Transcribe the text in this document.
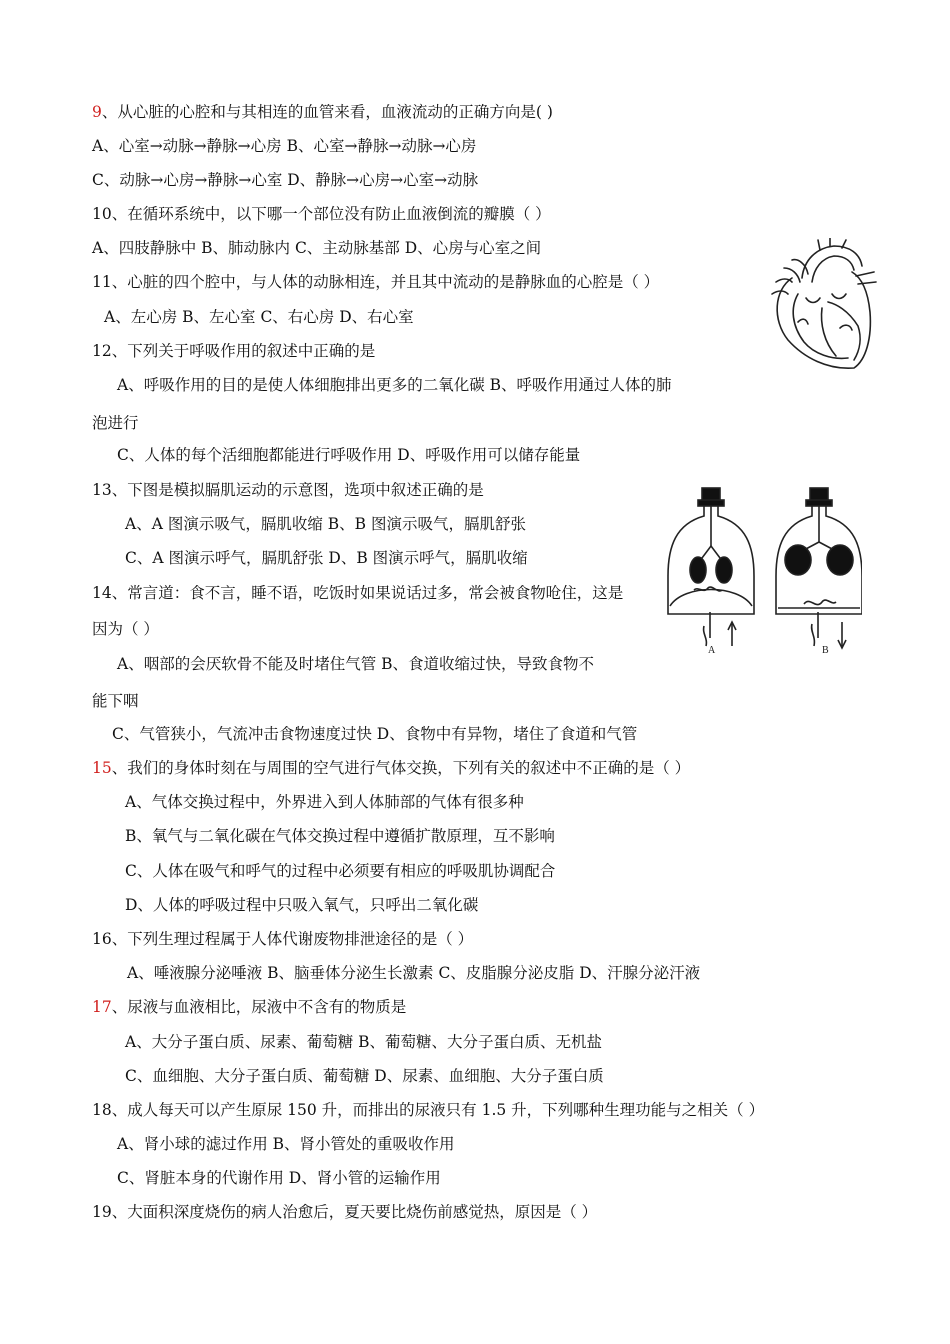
9、从心脏的心腔和与其相连的血管来看，血液流动的正确方向是( )
A、心室→动脉→静脉→心房 B、心室→静脉→动脉→心房
C、动脉→心房→静脉→心室 D、静脉→心房→心室→动脉
10、在循环系统中，以下哪一个部位没有防止血液倒流的瓣膜（ ）
A、四肢静脉中 B、肺动脉内 C、主动脉基部 D、心房与心室之间
11、心脏的四个腔中，与人体的动脉相连，并且其中流动的是静脉血的心腔是（ ）
A、左心房 B、左心室 C、右心房 D、右心室
12、下列关于呼吸作用的叙述中正确的是
A、呼吸作用的目的是使人体细胞排出更多的二氧化碳 B、呼吸作用通过人体的肺
泡进行
C、人体的每个活细胞都能进行呼吸作用 D、呼吸作用可以储存能量
13、下图是模拟膈肌运动的示意图，选项中叙述正确的是
A、A 图演示吸气，膈肌收缩 B、B 图演示吸气，膈肌舒张
C、A 图演示呼气，膈肌舒张 D、B 图演示呼气，膈肌收缩
14、常言道：食不言，睡不语，吃饭时如果说话过多，常会被食物呛住，这是
因为（ ）
A、咽部的会厌软骨不能及时堵住气管 B、食道收缩过快，导致食物不
能下咽
C、气管狭小，气流冲击食物速度过快 D、食物中有异物，堵住了食道和气管
15、我们的身体时刻在与周围的空气进行气体交换，下列有关的叙述中不正确的是（ ）
A、气体交换过程中，外界进入到人体肺部的气体有很多种
B、氧气与二氧化碳在气体交换过程中遵循扩散原理，互不影响
C、人体在吸气和呼气的过程中必须要有相应的呼吸肌协调配合
D、人体的呼吸过程中只吸入氧气，只呼出二氧化碳
16、下列生理过程属于人体代谢废物排泄途径的是（ ）
A、唾液腺分泌唾液 B、脑垂体分泌生长激素 C、皮脂腺分泌皮脂 D、汗腺分泌汗液
17、尿液与血液相比，尿液中不含有的物质是
A、大分子蛋白质、尿素、葡萄糖 B、葡萄糖、大分子蛋白质、无机盐
C、血细胞、大分子蛋白质、葡萄糖 D、尿素、血细胞、大分子蛋白质
18、成人每天可以产生原尿 150 升，而排出的尿液只有 1.5 升，下列哪种生理功能与之相关（ ）
A、肾小球的滤过作用 B、肾小管处的重吸收作用
C、肾脏本身的代谢作用 D、肾小管的运输作用
19、大面积深度烧伤的病人治愈后，夏天要比烧伤前感觉热，原因是（ ）
A	B
